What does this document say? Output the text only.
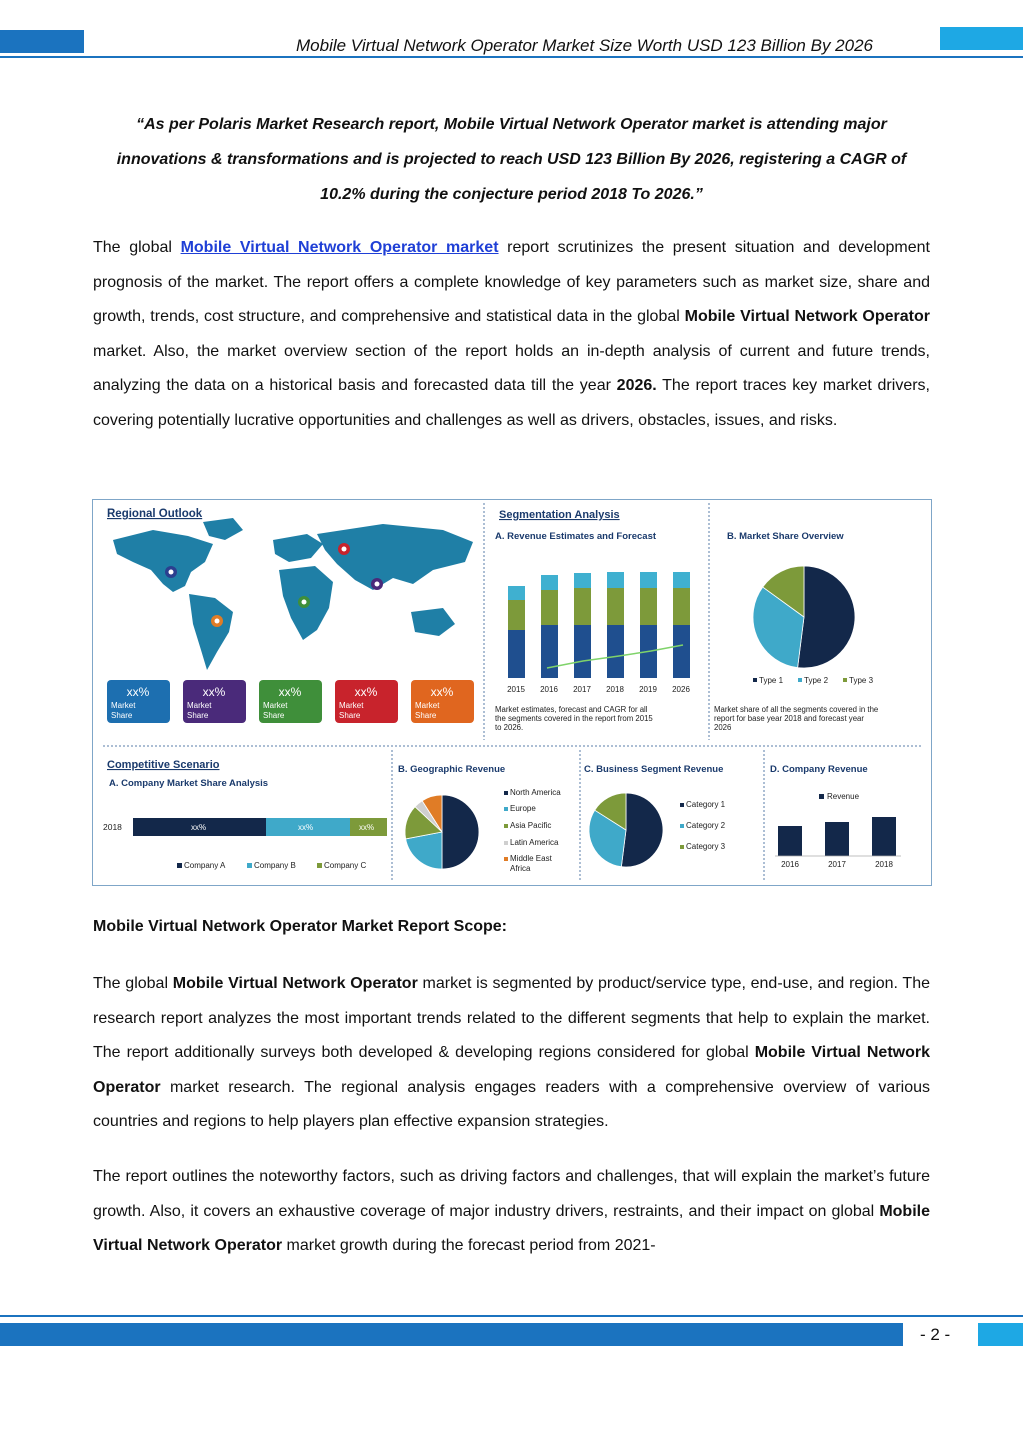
Mobile Virtual Network Operator Market Size Worth USD 123 Billion By 2026
“As per Polaris Market Research report, Mobile Virtual Network Operator market is attending major innovations & transformations and is projected to reach USD 123 Billion By 2026, registering a CAGR of 10.2% during the conjecture period 2018 To 2026.”
The global Mobile Virtual Network Operator market report scrutinizes the present situation and development prognosis of the market. The report offers a complete knowledge of key parameters such as market size, share and growth, trends, cost structure, and comprehensive and statistical data in the global Mobile Virtual Network Operator market. Also, the market overview section of the report holds an in-depth analysis of current and future trends, analyzing the data on a historical basis and forecasted data till the year 2026. The report traces key market drivers, covering potentially lucrative opportunities and challenges as well as drivers, obstacles, issues, and risks.
Regional Outlook
xx%
Market
Share
xx%
Market
Share
xx%
Market
Share
xx%
Market
Share
xx%
Market
Share
Segmentation Analysis
A. Revenue Estimates and Forecast
2015 2016 2017 2018 2019 2026
Market estimates, forecast and CAGR for all the segments covered in the report from 2015 to 2026.
B. Market Share Overview
Type 1	Type 2	Type 3
Market share of all the segments covered in the report for base year 2018 and forecast year 2026
Competitive Scenario
A. Company Market Share Analysis
2018	xx%	xx%	xx%
Company A	Company B	Company C
B. Geographic Revenue
North America
Europe
Asia Pacific
Latin America
Middle East
Africa
C. Business Segment Revenue
Category 1
Category 2
Category 3
D. Company Revenue
Revenue
2016	2017	2018
Mobile Virtual Network Operator Market Report Scope:
The global Mobile Virtual Network Operator market is segmented by product/service type, end-use, and region. The research report analyzes the most important trends related to the different segments that help to explain the market. The report additionally surveys both developed & developing regions considered for global Mobile Virtual Network Operator market research. The regional analysis engages readers with a comprehensive overview of various countries and regions to help players plan effective expansion strategies.
The report outlines the noteworthy factors, such as driving factors and challenges, that will explain the market’s future growth. Also, it covers an exhaustive coverage of major industry drivers, restraints, and their impact on global Mobile Virtual Network Operator market growth during the forecast period from 2021-
- 2 -
